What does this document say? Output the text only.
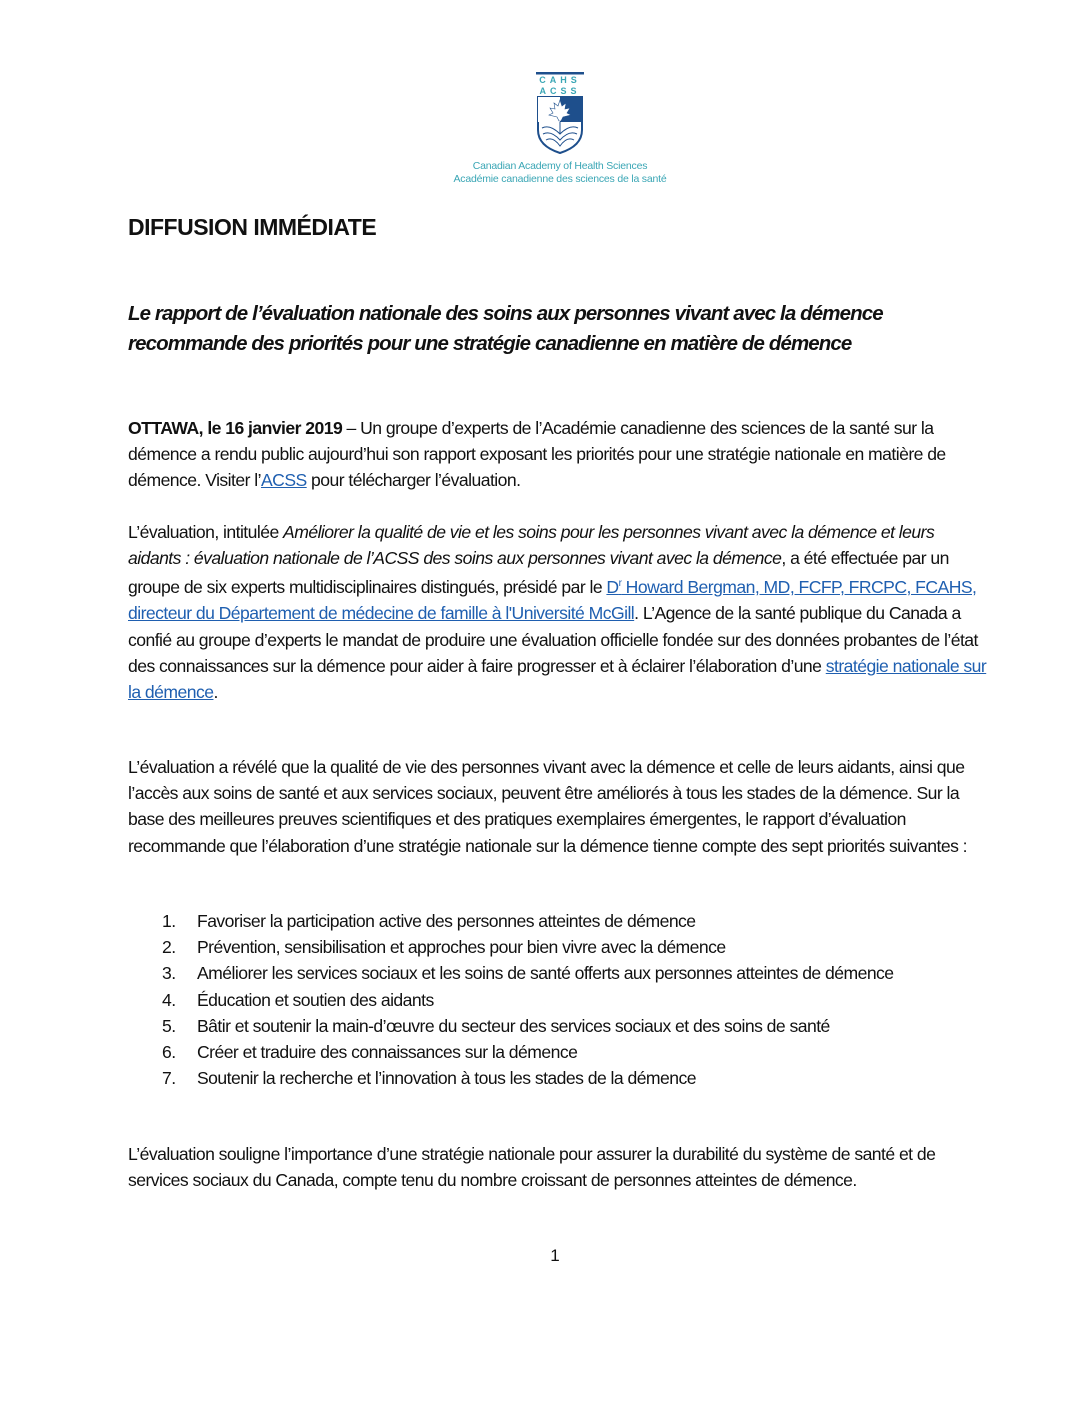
CAHS
ACSS
Canadian Academy of Health Sciences
Académie canadienne des sciences de la santé
DIFFUSION IMMÉDIATE
Le rapport de l’évaluation nationale des soins aux personnes vivant avec la démence recommande des priorités pour une stratégie canadienne en matière de démence
OTTAWA, le 16 janvier 2019 – Un groupe d’experts de l’Académie canadienne des sciences de la santé sur la démence a rendu public aujourd’hui son rapport exposant les priorités pour une stratégie nationale en matière de démence. Visiter l’ACSS pour télécharger l’évaluation.
L’évaluation, intitulée Améliorer la qualité de vie et les soins pour les personnes vivant avec la démence et leurs aidants : évaluation nationale de l’ACSS des soins aux personnes vivant avec la démence, a été effectuée par un groupe de six experts multidisciplinaires distingués, présidé par le $D^r$ Howard Bergman, MD, FCFP, FRCPC, FCAHS, directeur du Département de médecine de famille à l'Université McGill. L’Agence de la santé publique du Canada a confié au groupe d’experts le mandat de produire une évaluation officielle fondée sur des données probantes de l’état des connaissances sur la démence pour aider à faire progresser et à éclairer l’élaboration d’une stratégie nationale sur la démence.
L’évaluation a révélé que la qualité de vie des personnes vivant avec la démence et celle de leurs aidants, ainsi que l’accès aux soins de santé et aux services sociaux, peuvent être améliorés à tous les stades de la démence. Sur la base des meilleures preuves scientifiques et des pratiques exemplaires émergentes, le rapport d’évaluation recommande que l’élaboration d’une stratégie nationale sur la démence tienne compte des sept priorités suivantes :
1. Favoriser la participation active des personnes atteintes de démence
2. Prévention, sensibilisation et approches pour bien vivre avec la démence
3. Améliorer les services sociaux et les soins de santé offerts aux personnes atteintes de démence
4. Éducation et soutien des aidants
5. Bâtir et soutenir la main-d’œuvre du secteur des services sociaux et des soins de santé
6. Créer et traduire des connaissances sur la démence
7. Soutenir la recherche et l’innovation à tous les stades de la démence
L’évaluation souligne l’importance d’une stratégie nationale pour assurer la durabilité du système de santé et de services sociaux du Canada, compte tenu du nombre croissant de personnes atteintes de démence.
1
